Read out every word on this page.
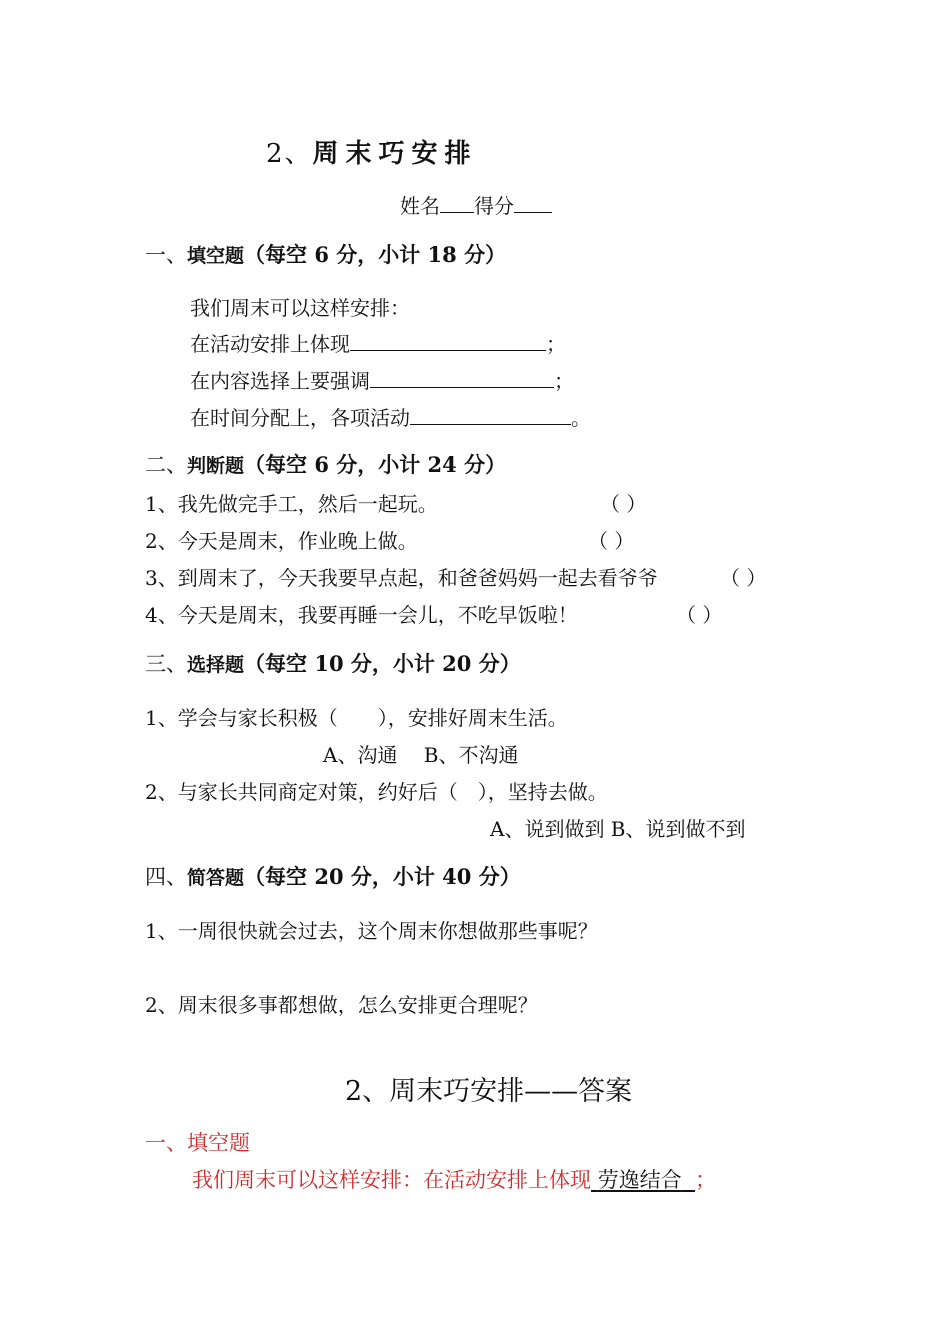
2、周末巧安排
姓名 得分
一、填空题（每空 6 分，小计 18 分）
我们周末可以这样安排：
在活动安排上体现	；
在内容选择上要强调	；
在时间分配上，各项活动	。
二、判断题（每空 6 分，小计 24 分）
1、我先做完手工，然后一起玩。	（ ）
2、今天是周末，作业晚上做。	（ ）
3、到周末了，今天我要早点起，和爸爸妈妈一起去看爷爷	（ ）
4、今天是周末，我要再睡一会儿，不吃早饭啦！	（ ）
三、选择题（每空 10 分，小计 20 分）
1、学会与家长积极（　　），安排好周末生活。
A、沟通　 B、不沟通
2、与家长共同商定对策，约好后（　），坚持去做。
A、说到做到 B、说到做不到
四、简答题（每空 20 分，小计 40 分）
1、一周很快就会过去，这个周末你想做那些事呢？
2、周末很多事都想做，怎么安排更合理呢？
2、周末巧安排——答案
一、填空题
我们周末可以这样安排：在活动安排上体现 劳逸结合 ；
